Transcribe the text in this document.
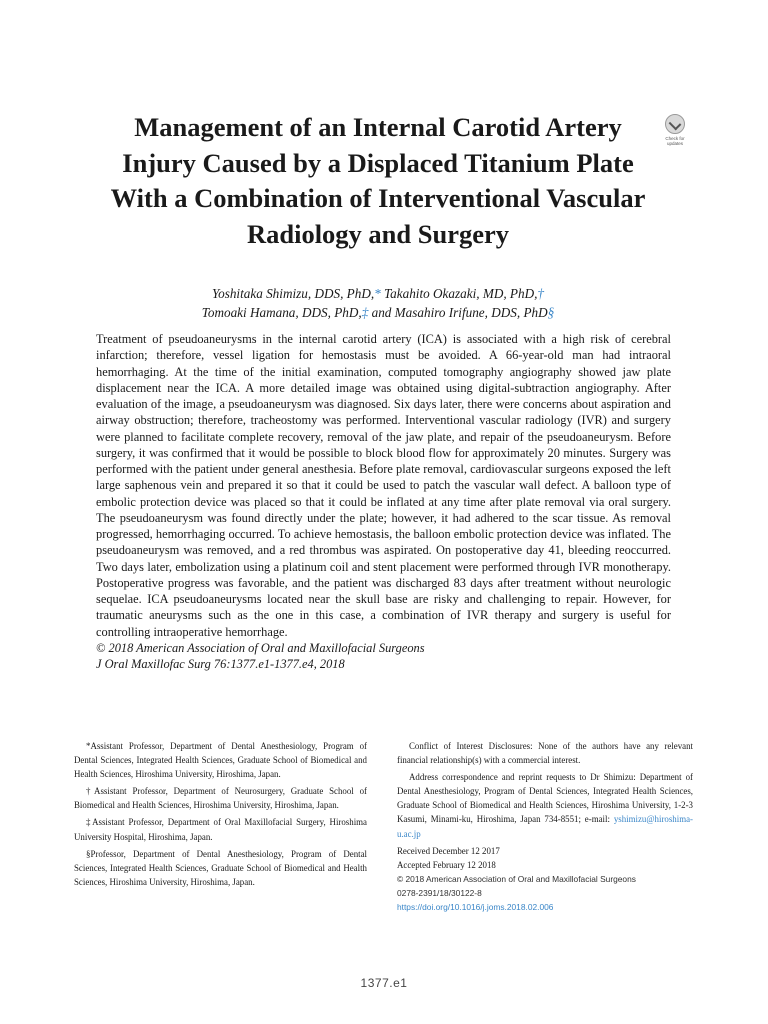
Management of an Internal Carotid Artery Injury Caused by a Displaced Titanium Plate With a Combination of Interventional Vascular Radiology and Surgery
Check for
updates
Yoshitaka Shimizu, DDS, PhD,* Takahito Okazaki, MD, PhD,†
Tomoaki Hamana, DDS, PhD,‡ and Masahiro Irifune, DDS, PhD§

Treatment of pseudoaneurysms in the internal carotid artery (ICA) is associated with a high risk of cerebral infarction; therefore, vessel ligation for hemostasis must be avoided. A 66-year-old man had intraoral hemorrhaging. At the time of the initial examination, computed tomography angiography showed jaw plate displacement near the ICA. A more detailed image was obtained using digital-subtraction angiography. After evaluation of the image, a pseudoaneurysm was diagnosed. Six days later, there were concerns about aspiration and airway obstruction; therefore, tracheostomy was performed. Interventional vascular radiology (IVR) and surgery were planned to facilitate complete recovery, removal of the jaw plate, and repair of the pseudoaneurysm. Before surgery, it was confirmed that it would be possible to block blood flow for approximately 20 minutes. Surgery was performed with the patient under general anesthesia. Before plate removal, cardiovascular surgeons exposed the left large saphenous vein and prepared it so that it could be used to patch the vascular wall defect. A balloon type of embolic protection device was placed so that it could be inflated at any time after plate removal via oral surgery. The pseudoaneurysm was found directly under the plate; however, it had adhered to the scar tissue. As removal progressed, hemorrhaging occurred. To achieve hemostasis, the balloon embolic protection device was inflated. The pseudoaneurysm was removed, and a red thrombus was aspirated. On postoperative day 41, bleeding reoccurred. Two days later, embolization using a platinum coil and stent placement were performed through IVR monotherapy. Postoperative progress was favorable, and the patient was discharged 83 days after treatment without neurologic sequelae. ICA pseudoaneurysms located near the skull base are risky and challenging to repair. However, for traumatic aneurysms such as the one in this case, a combination of IVR therapy and surgery is useful for controlling intraoperative hemorrhage.

© 2018 American Association of Oral and Maxillofacial Surgeons

J Oral Maxillofac Surg 76:1377.e1-1377.e4, 2018

*Assistant Professor, Department of Dental Anesthesiology, Program of Dental Sciences, Integrated Health Sciences, Graduate School of Biomedical and Health Sciences, Hiroshima University, Hiroshima, Japan.

†Assistant Professor, Department of Neurosurgery, Graduate School of Biomedical and Health Sciences, Hiroshima University, Hiroshima, Japan.

‡Assistant Professor, Department of Oral Maxillofacial Surgery, Hiroshima University Hospital, Hiroshima, Japan.

§Professor, Department of Dental Anesthesiology, Program of Dental Sciences, Integrated Health Sciences, Graduate School of Biomedical and Health Sciences, Hiroshima University, Hiroshima, Japan.

Conflict of Interest Disclosures: None of the authors have any relevant financial relationship(s) with a commercial interest.

Address correspondence and reprint requests to Dr Shimizu: Department of Dental Anesthesiology, Program of Dental Sciences, Integrated Health Sciences, Graduate School of Biomedical and Health Sciences, Hiroshima University, 1-2-3 Kasumi, Minami-ku, Hiroshima, Japan 734-8551; e-mail: yshimizu@hiroshima-u.ac.jp

Received December 12 2017

Accepted February 12 2018

© 2018 American Association of Oral and Maxillofacial Surgeons

0278-2391/18/30122-8

https://doi.org/10.1016/j.joms.2018.02.006

1377.e1
